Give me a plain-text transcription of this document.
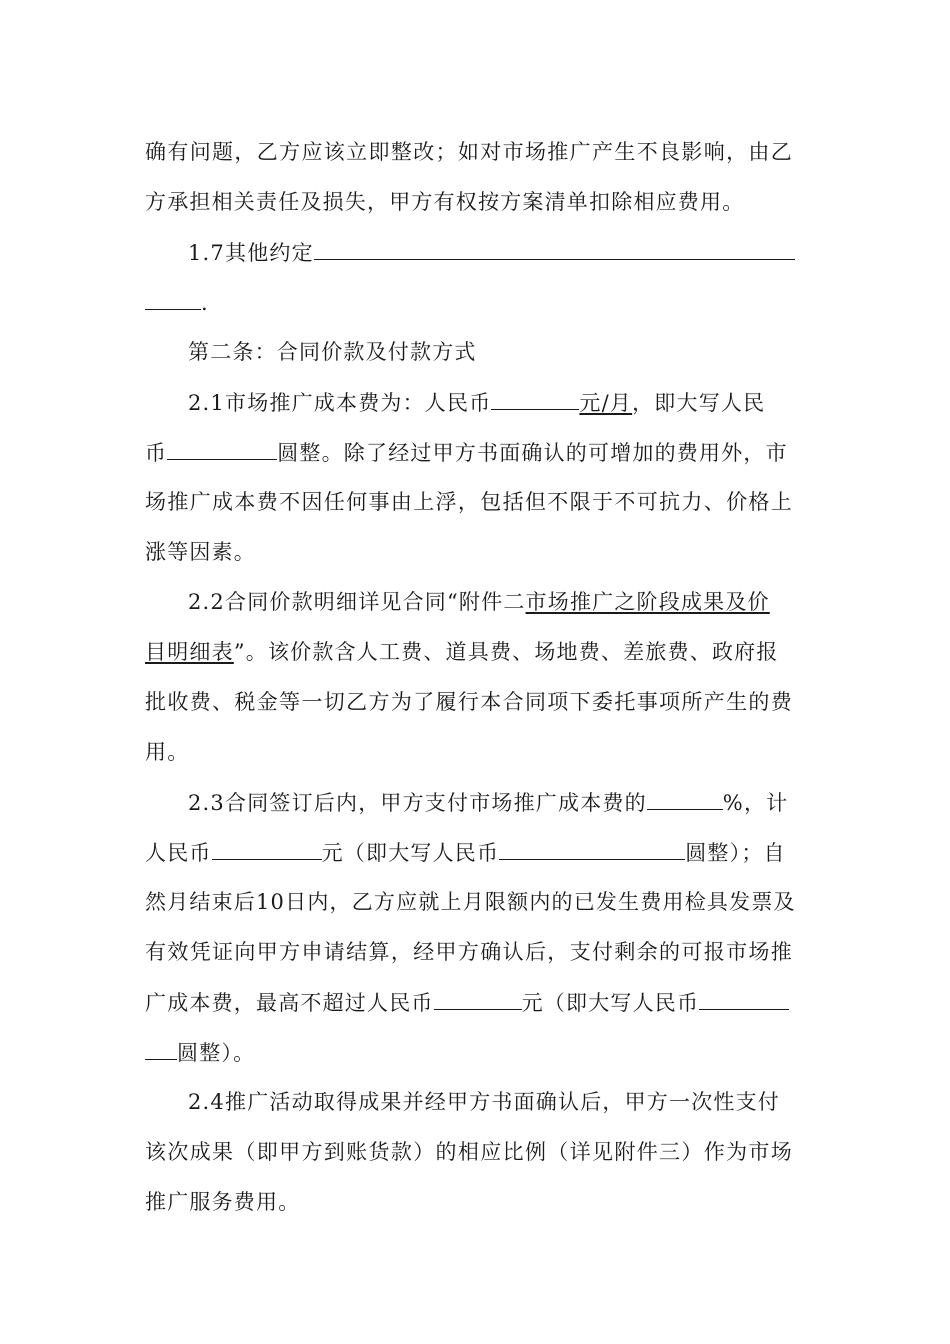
确有问题，乙方应该立即整改；如对市场推广产生不良影响，由乙
方承担相关责任及损失，甲方有权按方案清单扣除相应费用。
1.7其他约定
.
第二条：合同价款及付款方式
2.1市场推广成本费为：人民币	元/月，即大写人民
币	圆整。除了经过甲方书面确认的可增加的费用外，市
场推广成本费不因任何事由上浮，包括但不限于不可抗力、价格上
涨等因素。
2.2合同价款明细详见合同“附件二市场推广之阶段成果及价
目明细表”。该价款含人工费、道具费、场地费、差旅费、政府报
批收费、税金等一切乙方为了履行本合同项下委托事项所产生的费
用。
2.3合同签订后内，甲方支付市场推广成本费的	%，计
人民币	元（即大写人民币	圆整）；自
然月结束后10日内，乙方应就上月限额内的已发生费用检具发票及
有效凭证向甲方申请结算，经甲方确认后，支付剩余的可报市场推
广成本费，最高不超过人民币	元（即大写人民币
圆整）。
2.4推广活动取得成果并经甲方书面确认后，甲方一次性支付
该次成果（即甲方到账货款）的相应比例（详见附件三）作为市场
推广服务费用。
